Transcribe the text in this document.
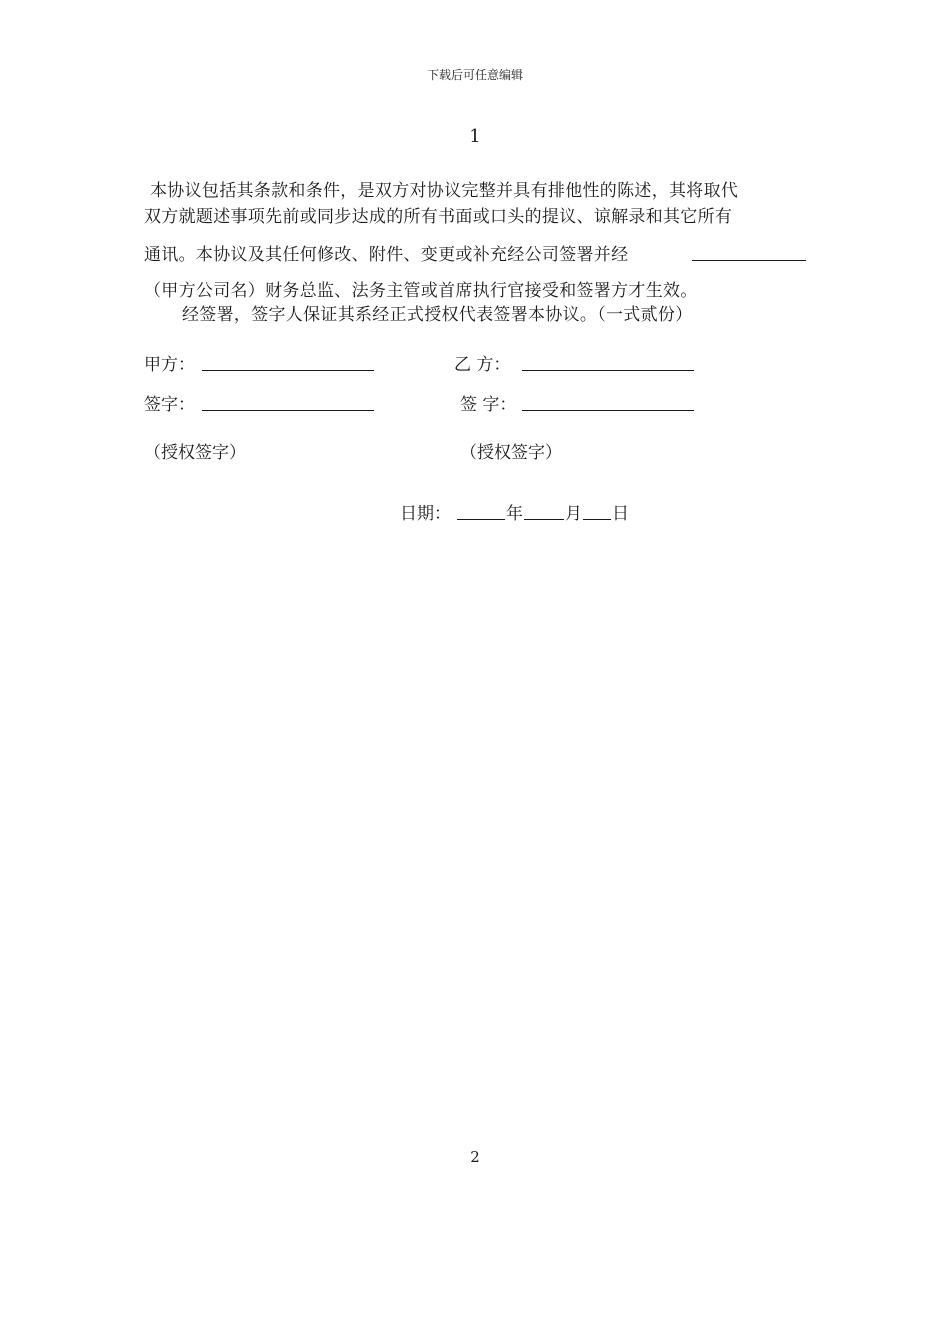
下载后可任意编辑
1
本协议包括其条款和条件，是双方对协议完整并具有排他性的陈述，其将取代
双方就题述事项先前或同步达成的所有书面或口头的提议、谅解录和其它所有
通讯。本协议及其任何修改、附件、变更或补充经公司签署并经
（甲方公司名）财务总监、法务主管或首席执行官接受和签署方才生效。
经签署，签字人保证其系经正式授权代表签署本协议。（一式贰份）
甲方：	乙 方：
签字：	签 字：
（授权签字）	（授权签字）
日期：	年 月 日
2
